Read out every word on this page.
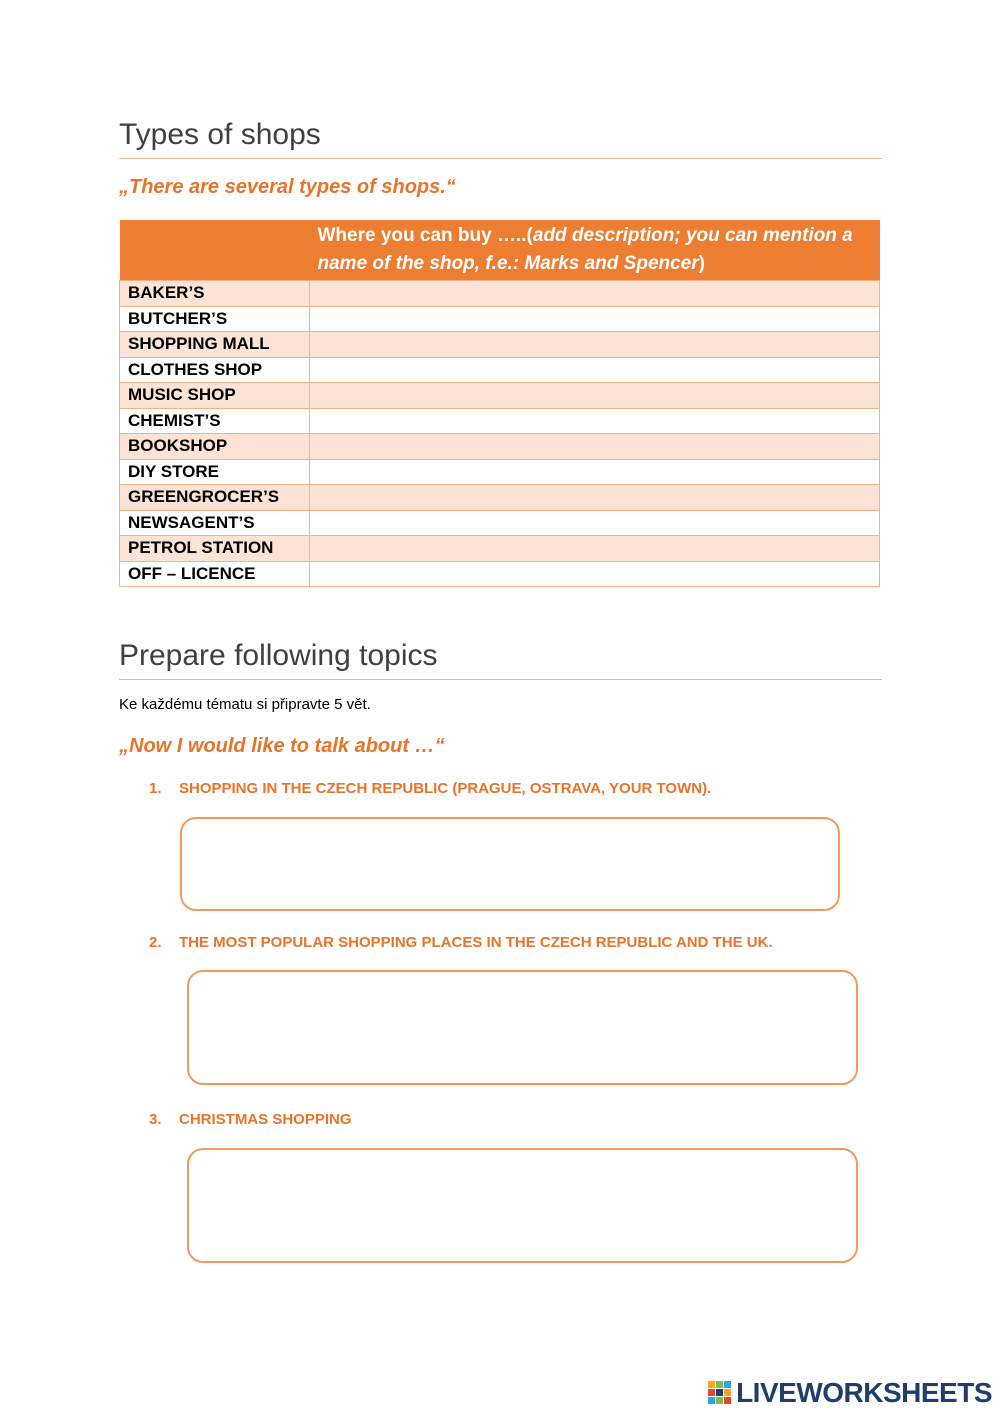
Types of shops
„There are several types of shops.“
	Where you can buy …..(add description; you can mention a name of the shop, f.e.: Marks and Spencer)
BAKER’S	
BUTCHER’S	
SHOPPING MALL	
CLOTHES SHOP	
MUSIC SHOP	
CHEMIST’S	
BOOKSHOP	
DIY STORE	
GREENGROCER’S	
NEWSAGENT’S	
PETROL STATION	
OFF – LICENCE	
Prepare following topics
Ke každému tématu si připravte 5 vět.
„Now I would like to talk about …“
1. SHOPPING IN THE CZECH REPUBLIC (PRAGUE, OSTRAVA, YOUR TOWN).
2. THE MOST POPULAR SHOPPING PLACES IN THE CZECH REPUBLIC AND THE UK.
3. CHRISTMAS SHOPPING
LIVEWORKSHEETS
